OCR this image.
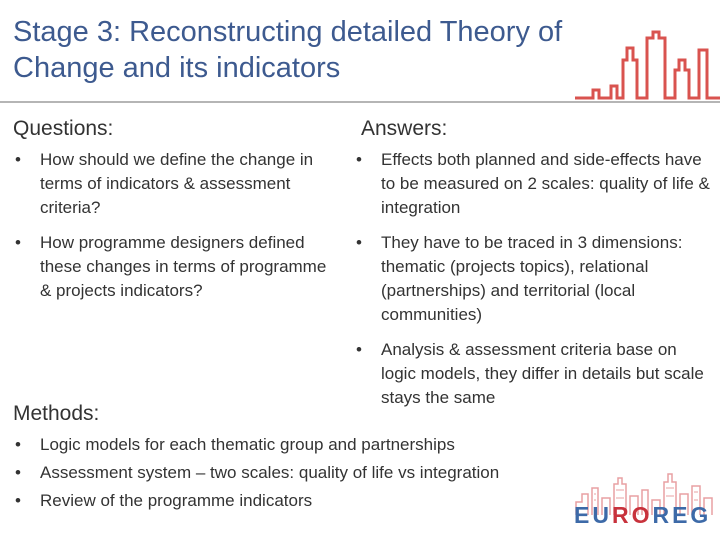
Stage 3: Reconstructing detailed Theory of Change and its indicators
Questions:	Answers:
• How should we define the change in terms of indicators & assessment criteria?
• How programme designers defined these changes in terms of programme & projects indicators?
• Effects both planned and side-effects have to be measured on 2 scales: quality of life & integration
• They have to be traced in 3 dimensions: thematic (projects topics), relational (partnerships) and territorial (local communities)
• Analysis & assessment criteria base on logic models, they differ in details but scale stays the same
Methods:
• Logic models for each thematic group and partnerships
• Assessment system – two scales: quality of life vs integration
• Review of the programme indicators
EUROREG
